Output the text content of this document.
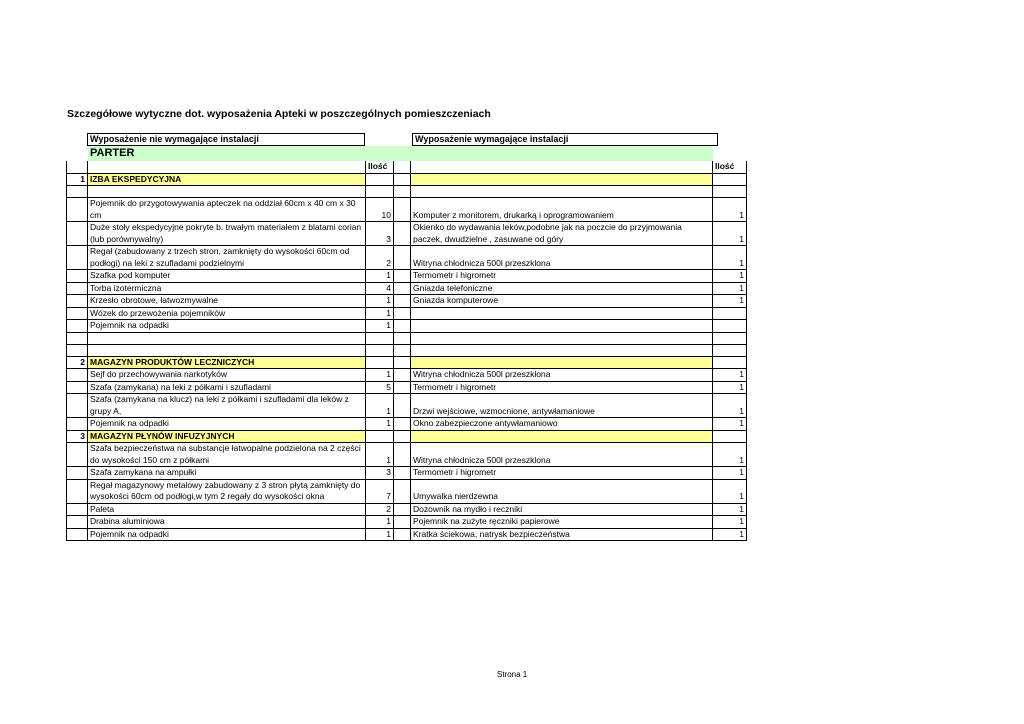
Szczegółowe wytyczne dot. wyposażenia Apteki w poszczególnych pomieszczeniach
Wyposażenie nie wymagające instalacji	Wyposażenie wymagające instalacji
	PARTER				
		Ilość			Ilość
1	IZBA EKSPEDYCYJNA				

	Pojemnik do przygotowywania apteczek na oddział 60cm x 40 cm x 30 cm	10		Komputer z monitorem, drukarką i oprogramowaniem	1
	Duże stoły ekspedycyjne pokryte b. trwałym materiałem z blatami corian (lub porównywalny)	3		Okienko do wydawania leków,podobne jak na poczcie do przyjmowania paczek, dwudzielne , zasuwane od góry	1
	Regał (zabudowany z trzech stron, zamknięty do wysokości 60cm od podłogi) na leki z szufladami podzielnymi	2		Witryna chłodnicza 500l przeszklona	1
	Szafka pod komputer	1		Termometr i higrometr	1
	Torba izotermiczna	4		Gniazda telefoniczne	1
	Krzesło obrotowe, łatwozmywalne	1		Gniazda komputerowe	1
	Wózek do przewożenia pojemników	1			
	Pojemnik na odpadki	1			

2	MAGAZYN PRODUKTÓW LECZNICZYCH				
	Sejf do przechowywania narkotyków	1		Witryna chłodnicza 500l przeszklona	1
	Szafa (zamykana) na leki z półkami i szufladami	5		Termometr i higrometr	1
	Szafa (zamykana na klucz) na leki z półkami i szufladami dla leków z grupy A,	1		Drzwi wejściowe, wzmocnione, antywłamaniowe	1
	Pojemnik na odpadki	1		Okno zabezpieczone antywłamaniowo	1
3	MAGAZYN PŁYNÓW INFUZYJNYCH				
	Szafa bezpieczeństwa na substancje łatwopalne podzielona na 2 części do wysokości 150 cm z półkami	1		Witryna chłodnicza 500l przeszklona	1
	Szafa zamykana na ampułki	3		Termometr i higrometr	1
	Regał magazynowy metalowy zabudowany z 3 stron płytą zamknięty do wysokości 60cm od podłogi,w tym 2 regały do wysokości okna	7		Umywalka nierdzewna	1
	Paleta	2		Dozownik na mydło i reczniki	1
	Drabina aluminiowa	1		Pojemnik na zużyte ręczniki papierowe	1
	Pojemnik na odpadki	1		Kratka ściekowa, natrysk bezpieczeństwa	1
Strona 1
